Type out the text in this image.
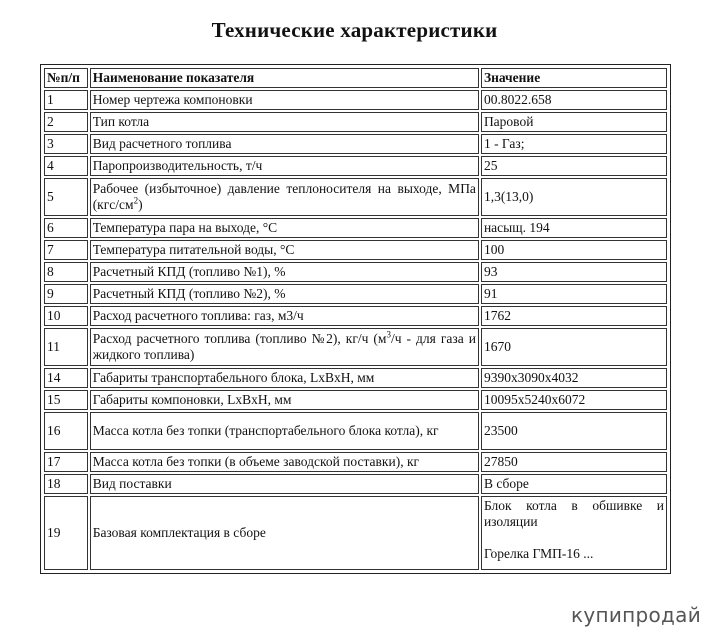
Технические характеристики
№п/п	Наименование показателя	Значение
1	Номер чертежа компоновки	00.8022.658
2	Тип котла	Паровой
3	Вид расчетного топлива	1 - Газ;
4	Паропроизводительность, т/ч	25
5	Рабочее (избыточное) давление теплоносителя на выходе, МПа $(кгс/см^2)$	1,3(13,0)
6	Температура пара на выходе, °С	насыщ. 194
7	Температура питательной воды, °С	100
8	Расчетный КПД (топливо №1), %	93
9	Расчетный КПД (топливо №2), %	91
10	Расход расчетного топлива: газ, м3/ч	1762
11	Расход расчетного топлива (топливо №2), кг/ч ($м^3/ч$ - для газа и жидкого топлива)	1670
14	Габариты транспортабельного блока, LxBxH, мм	9390x3090x4032
15	Габариты компоновки, LxBxH, мм	10095x5240x6072
16	Масса котла без топки (транспортабельного блока котла), кг	23500
17	Масса котла без топки (в объеме заводской поставки), кг	27850
18	Вид поставки	В сборе
19	Базовая комплектация в сборе	Блок котла в обшивке и изоляции
Горелка ГМП-16 ...
купипродай
